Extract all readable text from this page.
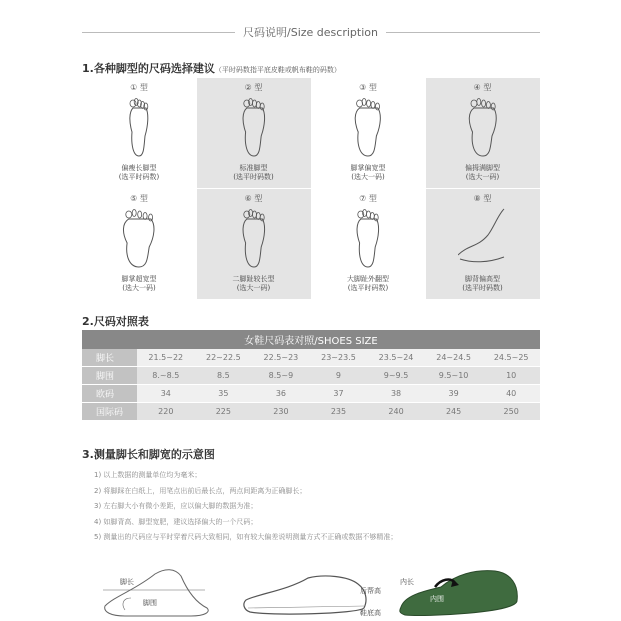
尺码说明/Size description
1.各种脚型的尺码选择建议（平时码数指平底皮鞋或帆布鞋的码数）
① 型
偏瘦长脚型
(选平时码数)
② 型
标准脚型
(选平时码数)
③ 型
脚掌偏宽型
(选大一码)
④ 型
偏拇满脚型
(选大一码)
⑤ 型
脚掌超宽型
(选大一码)
⑥ 型
二脚趾较长型
(选大一码)
⑦ 型
大脚趾外翻型
(选平时码数)
⑧ 型
脚背偏高型
(选平时码数)
2.尺码对照表
女鞋尺码表对照/SHOES SIZE							
脚长	21.5~22	22~22.5	22.5~23	23~23.5	23.5~24	24~24.5	24.5~25
脚围	8.~8.5	8.5	8.5~9	9	9~9.5	9.5~10	10
欧码	34	35	36	37	38	39	40
国际码	220	225	230	235	240	245	250
3.测量脚长和脚宽的示意图
1) 以上数据的测量单位均为毫米；
2) 将脚踩在白纸上，用笔点出前后最长点，两点间距离为正确脚长；
3) 左右脚大小有微小差距，应以偏大脚的数据为准；
4) 如脚背高、脚型宽肥，建议选择偏大的一个尺码；
5) 测量出的尺码应与平时穿着尺码大致相同，如有较大偏差说明测量方式不正确或数据不够精准；
脚长
脚围
后帮高
鞋底高
内长
内围
